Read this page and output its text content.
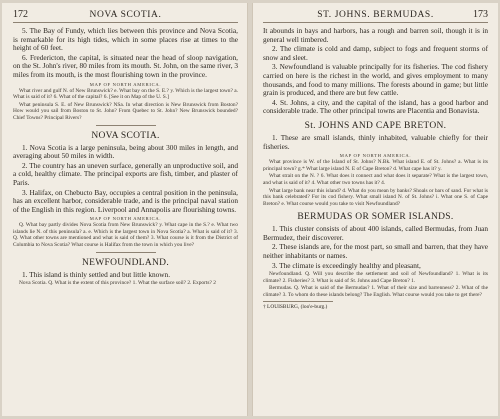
172	NOVA SCOTIA.

5. The Bay of Fundy, which lies between this province and Nova Scotia, is remarkable for its high tides, which in some places rise at times to the height of 60 feet.

6. Fredericton, the capital, is situated near the head of sloop navigation, on the St. John's river, 80 miles from its mouth. St. John, on the same river, 3 miles from its mouth, is the most flourishing town in the province.

MAP OF NORTH AMERICA.

What river and gulf N. of New Brunswick? e. What bay on the S. E.? y. Which is the largest town? a. What is said of it? 6. What of the capital? 6. [See it on Map of the U. S.]

What peninsula S. E. of New Brunswick? NSa. In what direction is New Brunswick from Boston? How would you sail from Boston to St. John? From Quebec to St. John? New Brunswick bounded? Chief Towns? Principal Rivers?

NOVA SCOTIA.

1. Nova Scotia is a large peninsula, being about 300 miles in length, and averaging about 50 miles in width.

2. The country has an uneven surface, generally an unproductive soil, and a cold, healthy climate. The principal exports are fish, timber, and plaster of Paris.

3. Halifax, on Chebucto Bay, occupies a central position in the peninsula, has an excellent harbor, considerable trade, and is the principal naval station of the English in this region. Liverpool and Annapolis are flourishing towns.

MAP OF NORTH AMERICA.

Q. What bay partly divides Nova Scotia from New Brunswick? y. What cape in the S.? e. What two islands lie N. of this peninsula? a. e. Which is the largest town in Nova Scotia? a. What is said of it? 3. Q. What other towns are mentioned and what is said of them? 3. What course is it from the District of Columbia to Nova Scotia? What course is Halifax from the town in which you live?

NEWFOUNDLAND.

1. This island is thinly settled and but little known.

Nova Scotia. Q. What is the extent of this province? 1. What the surface soil? 2. Exports? 2

ST. JOHNS. BERMUDAS.	173

It abounds in bays and harbors, has a rough and barren soil, though it is in general well timbered.

2. The climate is cold and damp, subject to fogs and frequent storms of snow and sleet.

3. Newfoundland is valuable principally for its fisheries. The cod fishery carried on here is the richest in the world, and gives employment to many thousands, and food to many millions. The forests abound in game; but little grain is produced, and there are but few cattle.

4. St. Johns, a city, and the capital of the island, has a good harbor and considerable trade. The other principal towns are Placentia and Bonavista.

St. JOHNS AND CAPE BRETON.

1. These are small islands, thinly inhabited, valuable chiefly for their fisheries.

MAP OF NORTH AMERICA.

What province is W. of the Island of St. Johns? N.Bk. What island E. of St. Johns? a. What is its principal town? g.* What large island N. E of Cape Breton? d. What cape has it? y.

What strait on the N. ? 6. What does it connect and what does it separate? What is the largest town, and what is said of it? 4. What other two towns has it? 4.

What large bank near this island? d. What do you mean by banks? Shoals or bars of sand. For what is this bank celebrated? For its cod fishery. What small island N. of St. Johns? i. What one S. of Cape Breton? e. What course would you take to visit Newfoundland?

BERMUDAS OR SOMER ISLANDS.

1. This cluster consists of about 400 islands, called Bermudas, from Juan Bermudez, their discoverer.

2. These islands are, for the most part, so small and barren, that they have neither inhabitants or names.

3. The climate is exceedingly healthy and pleasant,

Newfoundland. Q. Will you describe the settlement and soil of Newfoundland? 1. What is its climate? 2. Fisheries? 3. What is said of St. Johns and Cape Breton? 1.

Bermudas. Q. What is said of the Bermudas? 1. What of their size and barrenness? 2. What of the climate? 3. To whom do these islands belong? The English. What course would you take to get there?

† LOUISBURG, (loo'e-burg.)
